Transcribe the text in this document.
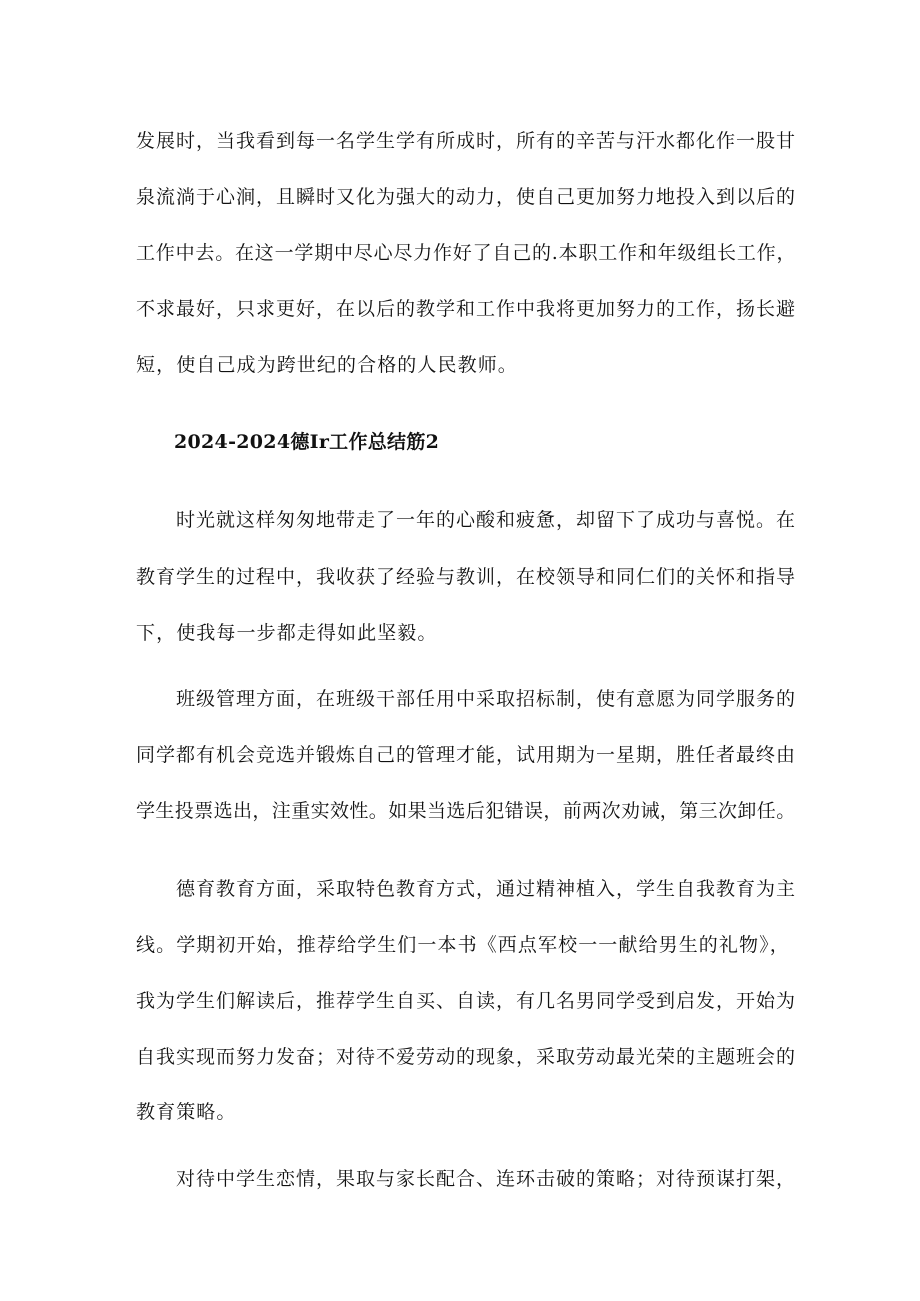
发展时，当我看到每一名学生学有所成时，所有的辛苦与汗水都化作一股甘
泉流淌于心涧，且瞬时又化为强大的动力，使自己更加努力地投入到以后的
工作中去。在这一学期中尽心尽力作好了自己的.本职工作和年级组长工作，
不求最好，只求更好，在以后的教学和工作中我将更加努力的工作，扬长避
短，使自己成为跨世纪的合格的人民教师。
2024-2024德Ir工作总结筋2
时光就这样匆匆地带走了一年的心酸和疲惫，却留下了成功与喜悦。在
教育学生的过程中，我收获了经验与教训，在校领导和同仁们的关怀和指导
下，使我每一步都走得如此坚毅。
班级管理方面，在班级干部任用中采取招标制，使有意愿为同学服务的
同学都有机会竞选并锻炼自己的管理才能，试用期为一星期，胜任者最终由
学生投票选出，注重实效性。如果当选后犯错误，前两次劝诫，第三次卸任。
德育教育方面，采取特色教育方式，通过精神植入，学生自我教育为主
线。学期初开始，推荐给学生们一本书《西点军校一一献给男生的礼物》，
我为学生们解读后，推荐学生自买、自读，有几名男同学受到启发，开始为
自我实现而努力发奋；对待不爱劳动的现象，采取劳动最光荣的主题班会的
教育策略。
对待中学生恋情，果取与家长配合、连环击破的策略；对待预谋打架，
